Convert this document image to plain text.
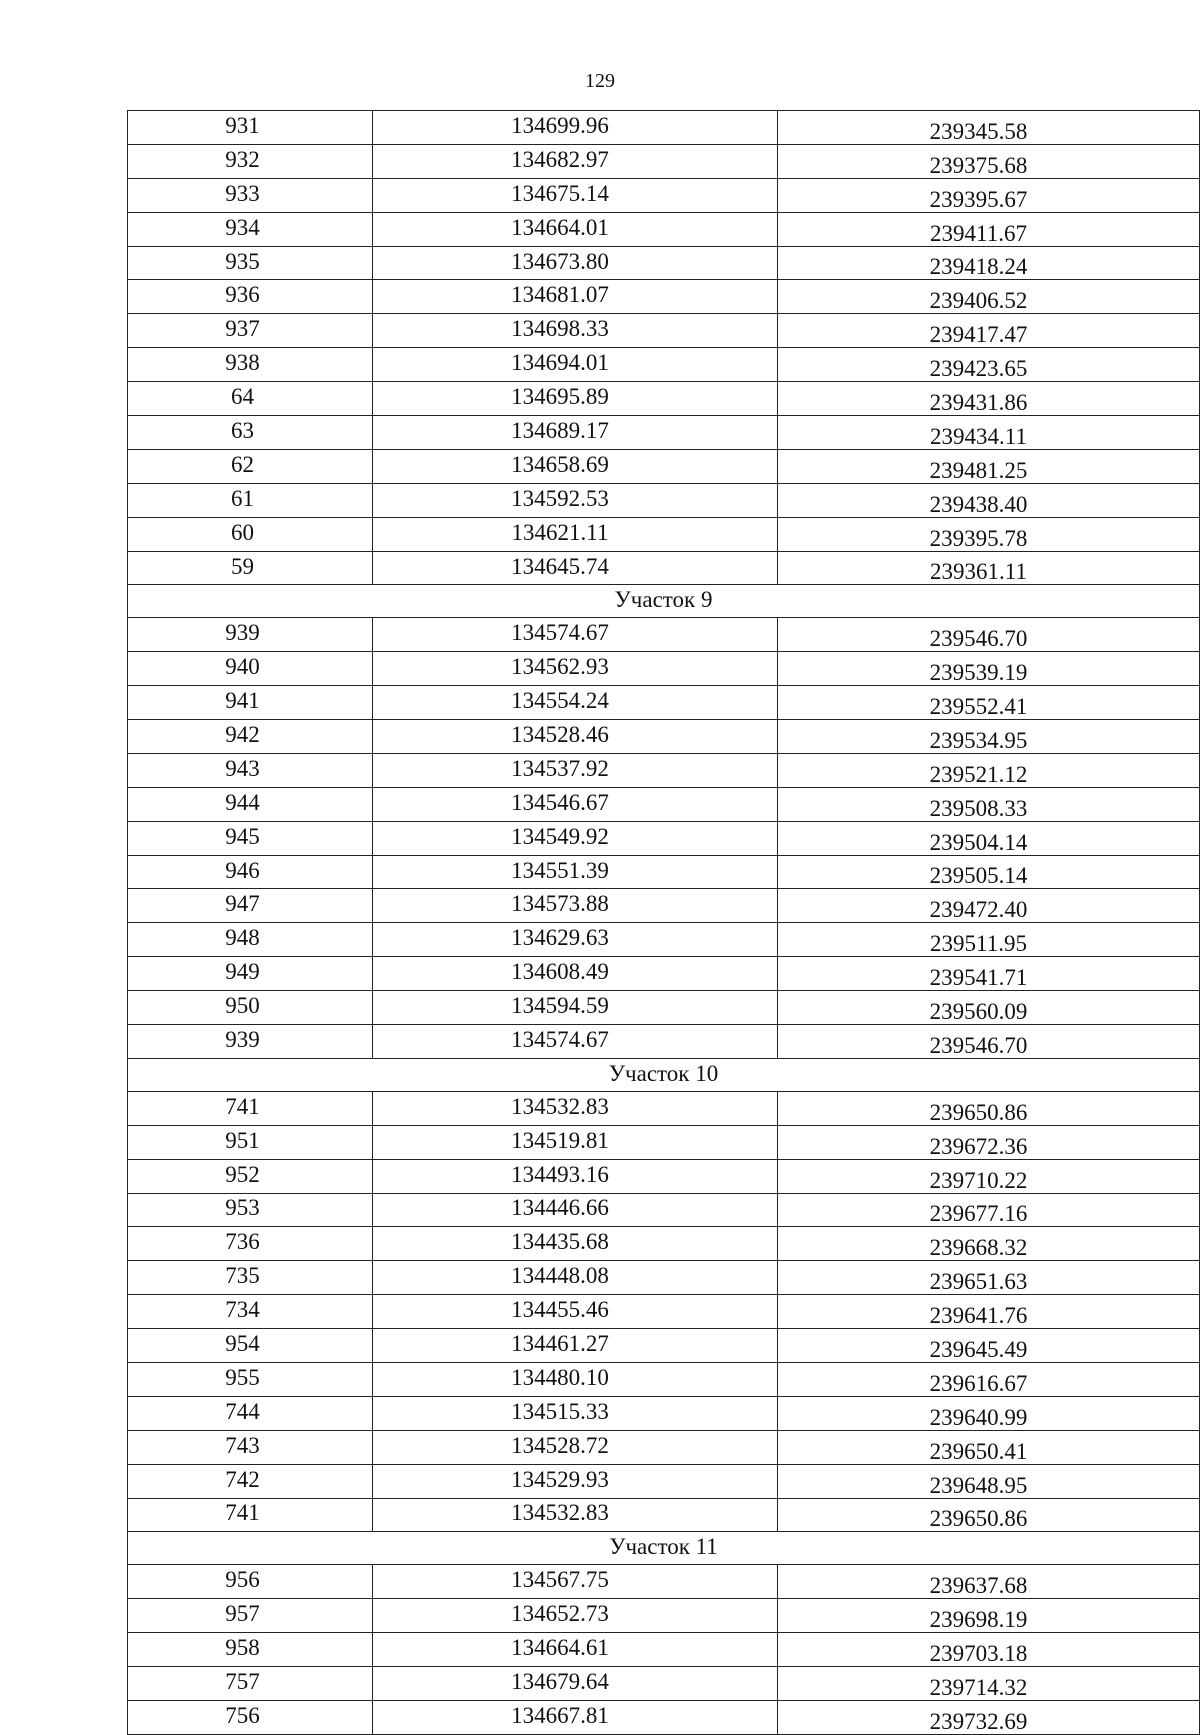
129
931	134699.96	239345.58
932	134682.97	239375.68
933	134675.14	239395.67
934	134664.01	239411.67
935	134673.80	239418.24
936	134681.07	239406.52
937	134698.33	239417.47
938	134694.01	239423.65
64	134695.89	239431.86
63	134689.17	239434.11
62	134658.69	239481.25
61	134592.53	239438.40
60	134621.11	239395.78
59	134645.74	239361.11
Участок 9		
939	134574.67	239546.70
940	134562.93	239539.19
941	134554.24	239552.41
942	134528.46	239534.95
943	134537.92	239521.12
944	134546.67	239508.33
945	134549.92	239504.14
946	134551.39	239505.14
947	134573.88	239472.40
948	134629.63	239511.95
949	134608.49	239541.71
950	134594.59	239560.09
939	134574.67	239546.70
Участок 10		
741	134532.83	239650.86
951	134519.81	239672.36
952	134493.16	239710.22
953	134446.66	239677.16
736	134435.68	239668.32
735	134448.08	239651.63
734	134455.46	239641.76
954	134461.27	239645.49
955	134480.10	239616.67
744	134515.33	239640.99
743	134528.72	239650.41
742	134529.93	239648.95
741	134532.83	239650.86
Участок 11		
956	134567.75	239637.68
957	134652.73	239698.19
958	134664.61	239703.18
757	134679.64	239714.32
756	134667.81	239732.69
